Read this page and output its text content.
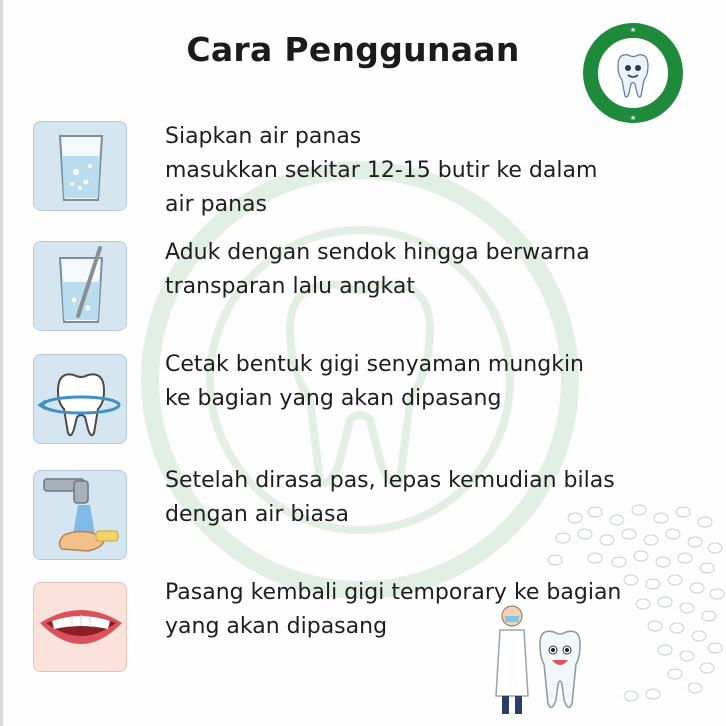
Cara Penggunaan	★
★
Siapkan air panas
masukkan sekitar 12-15 butir ke dalam
air panas
Aduk dengan sendok hingga berwarna
transparan lalu angkat
Cetak bentuk gigi senyaman mungkin
ke bagian yang akan dipasang
Setelah dirasa pas, lepas kemudian bilas
dengan air biasa
Pasang kembali gigi temporary ke bagian
yang akan dipasang
